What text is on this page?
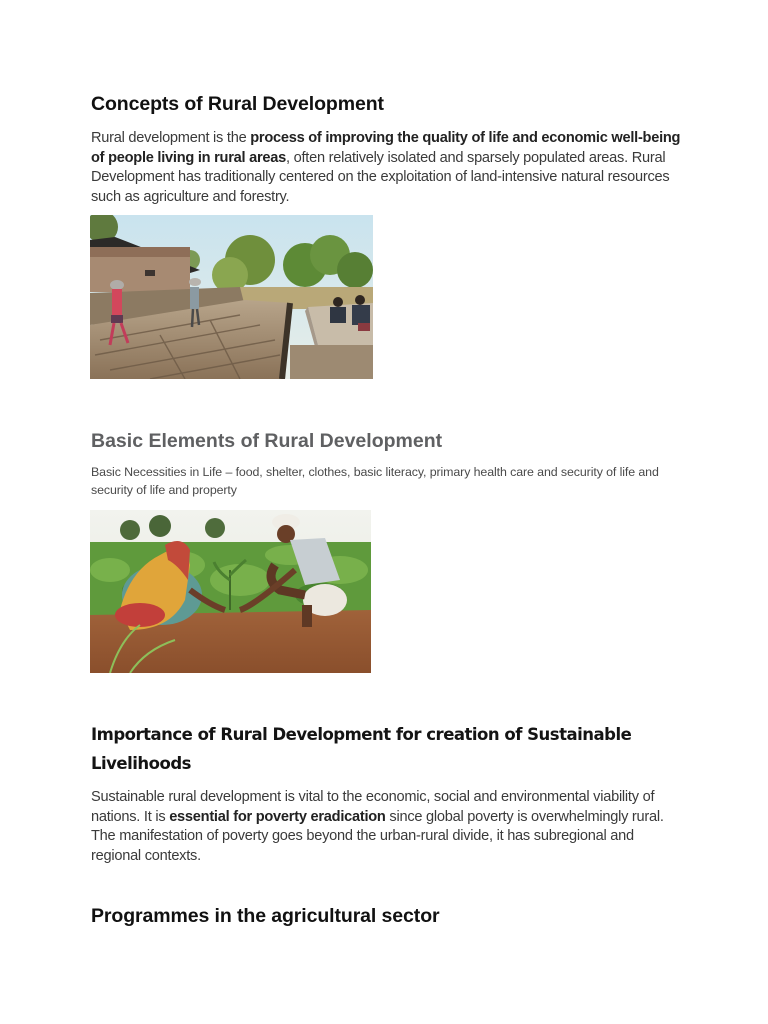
Concepts of Rural Development

Rural development is the process of improving the quality of life and economic well-being of people living in rural areas, often relatively isolated and sparsely populated areas. Rural Development has traditionally centered on the exploitation of land-intensive natural resources such as agriculture and forestry.

Basic Elements of Rural Development

Basic Necessities in Life – food, shelter, clothes, basic literacy, primary health care and security of life and security of life and property

Importance of Rural Development for creation of Sustainable Livelihoods

Sustainable rural development is vital to the economic, social and environmental viability of nations. It is essential for poverty eradication since global poverty is overwhelmingly rural. The manifestation of poverty goes beyond the urban-rural divide, it has subregional and regional contexts.

Programmes in the agricultural sector
